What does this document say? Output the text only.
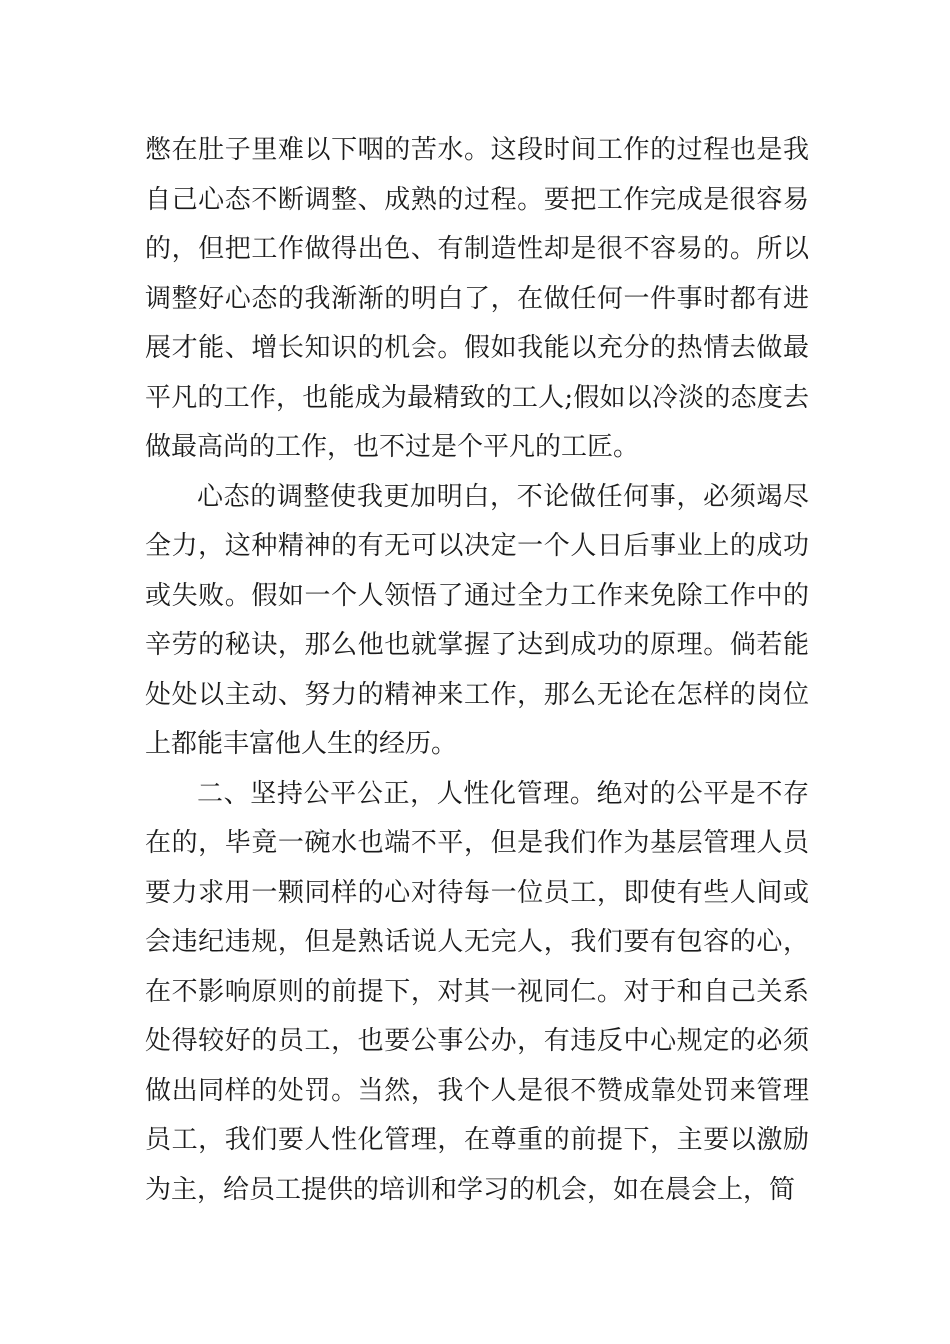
憋在肚子里难以下咽的苦水。这段时间工作的过程也是我自己心态不断调整、成熟的过程。要把工作完成是很容易的，但把工作做得出色、有制造性却是很不容易的。所以调整好心态的我渐渐的明白了，在做任何一件事时都有进展才能、增长知识的机会。假如我能以充分的热情去做最平凡的工作，也能成为最精致的工人;假如以冷淡的态度去做最高尚的工作，也不过是个平凡的工匠。

心态的调整使我更加明白，不论做任何事，必须竭尽全力，这种精神的有无可以决定一个人日后事业上的成功或失败。假如一个人领悟了通过全力工作来免除工作中的辛劳的秘诀，那么他也就掌握了达到成功的原理。倘若能处处以主动、努力的精神来工作，那么无论在怎样的岗位上都能丰富他人生的经历。

二、坚持公平公正，人性化管理。绝对的公平是不存在的，毕竟一碗水也端不平，但是我们作为基层管理人员要力求用一颗同样的心对待每一位员工，即使有些人间或会违纪违规，但是熟话说人无完人，我们要有包容的心，在不影响原则的前提下，对其一视同仁。对于和自己关系处得较好的员工，也要公事公办，有违反中心规定的必须做出同样的处罚。当然，我个人是很不赞成靠处罚来管理员工，我们要人性化管理，在尊重的前提下，主要以激励为主，给员工提供的培训和学习的机会，如在晨会上，简
